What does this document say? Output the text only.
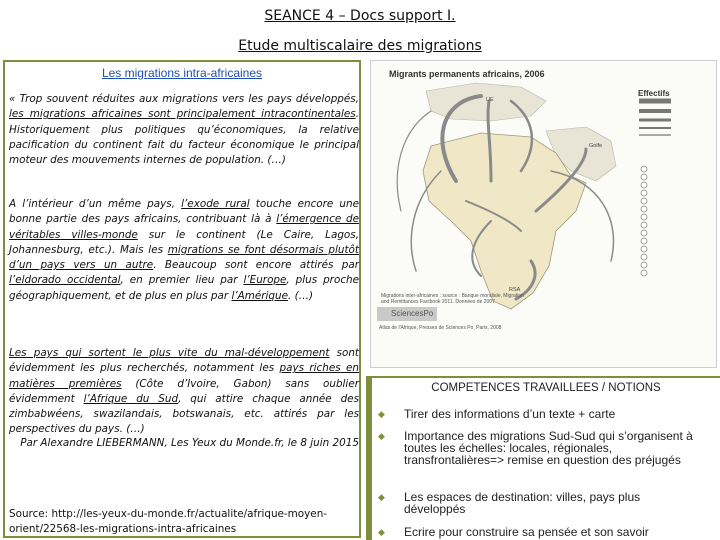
SEANCE 4 – Docs support I.
Etude multiscalaire des migrations
Les migrations intra-africaines
« Trop souvent réduites aux migrations vers les pays développés, les migrations africaines sont principalement intracontinentales. Historiquement plus politiques qu’économiques, la relative pacification du continent fait du facteur économique le principal moteur des mouvements internes de population. (…)
A l’intérieur d’un même pays, l’exode rural touche encore une bonne partie des pays africains, contribuant là à l’émergence de véritables villes-monde sur le continent (Le Caire, Lagos, Johannesburg, etc.). Mais les migrations se font désormais plutôt d’un pays vers un autre. Beaucoup sont encore attirés par l’eldorado occidental, en premier lieu par l’Europe, plus proche géographiquement, et de plus en plus par l’Amérique. (…)
Les pays qui sortent le plus vite du mal-développement sont évidemment les plus recherchés, notamment les pays riches en matières premières (Côte d’Ivoire, Gabon) sans oublier évidemment l’Afrique du Sud, qui attire chaque année des zimbabwéens, swazilandais, botswanais, etc. attirés par les perspectives du pays. (…)
Par Alexandre LIEBERMANN, Les Yeux du Monde.fr, le 8 juin 2015
Source: http://les-yeux-du-monde.fr/actualite/afrique-moyen-orient/22568-les-migrations-intra-africaines
Migrants permanents africains, 2006
Effectifs
UE
Golfe
RSA
Migrations inter-africaines : source : Banque mondiale, Migration and Remittances Factbook 2011. Données de 2007
SciencesPo
Atlas de l'Afrique, Presses de Sciences Po, Paris, 2008
COMPETENCES TRAVAILLEES / NOTIONS
◆ Tirer des informations d’un texte + carte
◆ Importance des migrations Sud-Sud qui s’organisent à toutes les échelles: locales, régionales, transfrontalières=> remise en question des préjugés
◆ Les espaces de destination: villes, pays plus développés
◆ Ecrire pour construire sa pensée et son savoir
